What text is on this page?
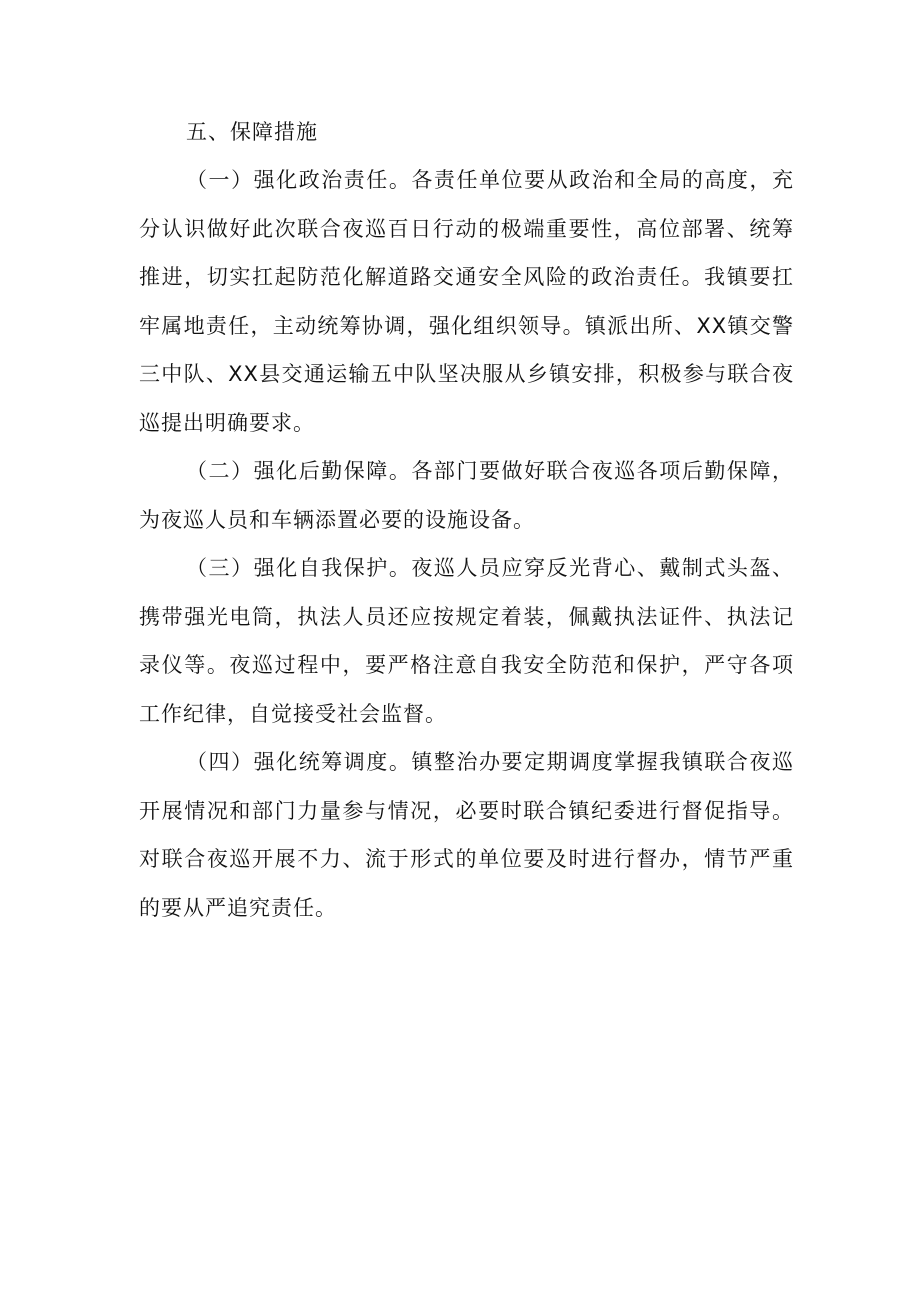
五、保障措施

（一）强化政治责任。各责任单位要从政治和全局的高度，充分认识做好此次联合夜巡百日行动的极端重要性，高位部署、统筹推进，切实扛起防范化解道路交通安全风险的政治责任。我镇要扛牢属地责任，主动统筹协调，强化组织领导。镇派出所、XX镇交警三中队、XX县交通运输五中队坚决服从乡镇安排，积极参与联合夜巡提出明确要求。

（二）强化后勤保障。各部门要做好联合夜巡各项后勤保障，为夜巡人员和车辆添置必要的设施设备。

（三）强化自我保护。夜巡人员应穿反光背心、戴制式头盔、携带强光电筒，执法人员还应按规定着装，佩戴执法证件、执法记录仪等。夜巡过程中，要严格注意自我安全防范和保护，严守各项工作纪律，自觉接受社会监督。

（四）强化统筹调度。镇整治办要定期调度掌握我镇联合夜巡开展情况和部门力量参与情况，必要时联合镇纪委进行督促指导。对联合夜巡开展不力、流于形式的单位要及时进行督办，情节严重的要从严追究责任。
